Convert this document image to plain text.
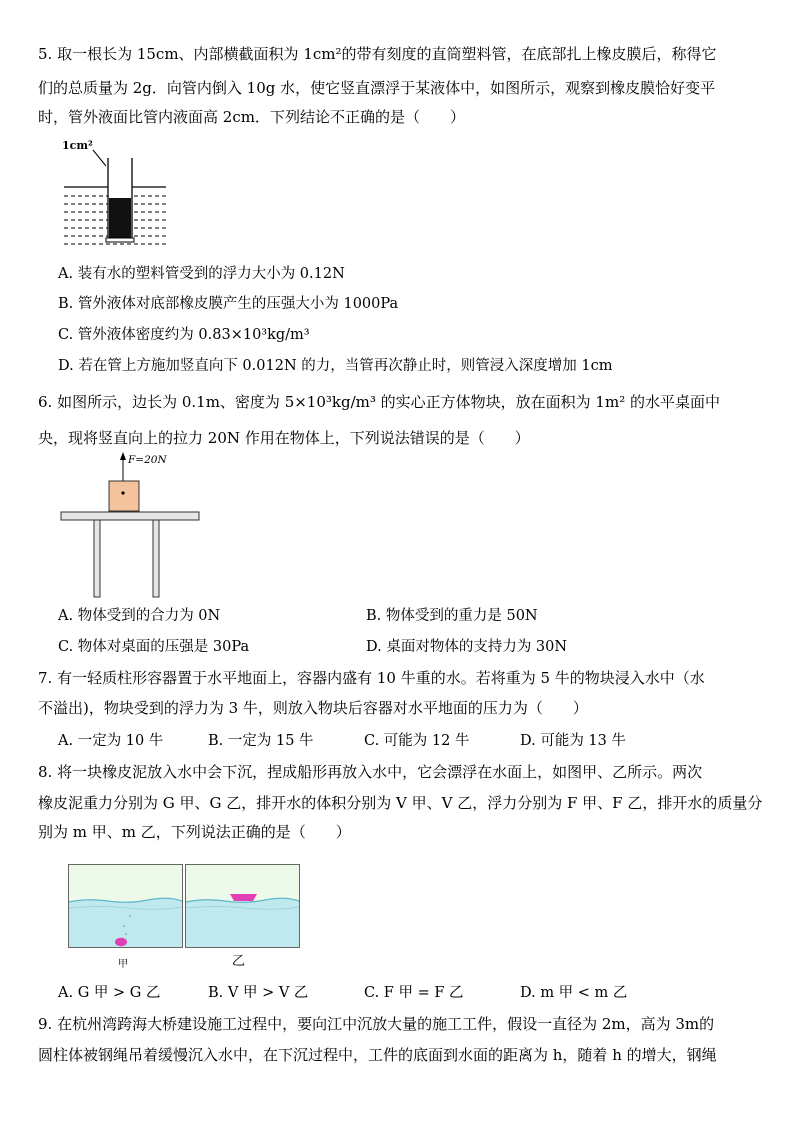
5. 取一根长为 15cm、内部横截面积为 1cm²的带有刻度的直筒塑料管，在底部扎上橡皮膜后，称得它
们的总质量为 2g．向管内倒入 10g 水，使它竖直漂浮于某液体中，如图所示，观察到橡皮膜恰好变平
时，管外液面比管内液面高 2cm．下列结论不正确的是（　　）
1cm²
A. 装有水的塑料管受到的浮力大小为 0.12N
B. 管外液体对底部橡皮膜产生的压强大小为 1000Pa
C. 管外液体密度约为 0.83×10³kg/m³
D. 若在管上方施加竖直向下 0.012N 的力，当管再次静止时，则管浸入深度增加 1cm
6. 如图所示，边长为 0.1m、密度为 5×10³kg/m³ 的实心正方体物块，放在面积为 1m² 的水平桌面中
央，现将竖直向上的拉力 20N 作用在物体上，下列说法错误的是（　　）
F=20N
A. 物体受到的合力为 0N	B. 物体受到的重力是 50N
C. 物体对桌面的压强是 30Pa	D. 桌面对物体的支持力为 30N
7. 有一轻质柱形容器置于水平地面上，容器内盛有 10 牛重的水。若将重为 5 牛的物块浸入水中（水
不溢出)，物块受到的浮力为 3 牛，则放入物块后容器对水平地面的压力为（　　）
A. 一定为 10 牛	B. 一定为 15 牛	C. 可能为 12 牛	D. 可能为 13 牛
8. 将一块橡皮泥放入水中会下沉，捏成船形再放入水中，它会漂浮在水面上，如图甲、乙所示。两次
橡皮泥重力分别为 G 甲、G 乙，排开水的体积分别为 V 甲、V 乙，浮力分别为 F 甲、F 乙，排开水的质量分
别为 m 甲、m 乙，下列说法正确的是（　　）
甲	乙
A. G 甲 > G 乙	B. V 甲 > V 乙	C. F 甲 = F 乙	D. m 甲 < m 乙
9. 在杭州湾跨海大桥建设施工过程中，要向江中沉放大量的施工工件，假设一直径为 2m，高为 3m的
圆柱体被钢绳吊着缓慢沉入水中，在下沉过程中，工件的底面到水面的距离为 h，随着 h 的增大，钢绳
